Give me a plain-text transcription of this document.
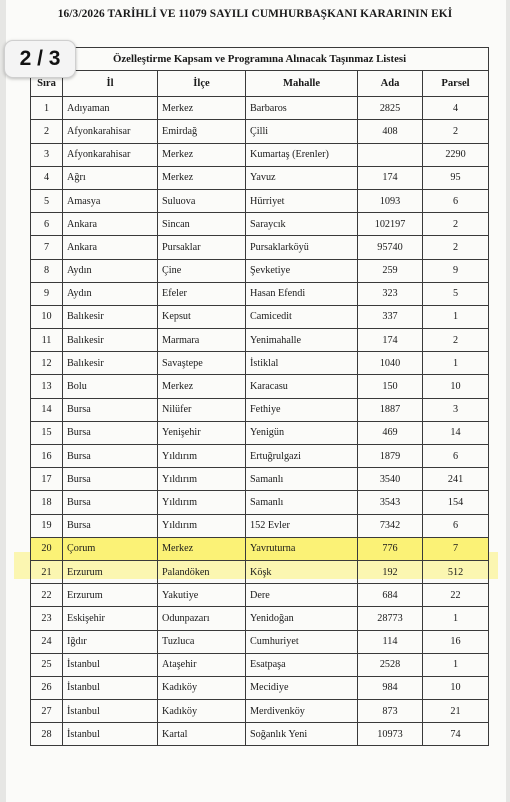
16/3/2026 TARİHLİ VE 11079 SAYILI CUMHURBAŞKANI KARARININ EKİ
2 / 3	Özelleştirme Kapsam ve Programına Alınacak Taşınmaz Listesi					
Sıra	İl	İlçe	Mahalle	Ada	Parsel
1	Adıyaman	Merkez	Barbaros	2825	4
2	Afyonkarahisar	Emirdağ	Çilli	408	2
3	Afyonkarahisar	Merkez	Kumartaş (Erenler)		2290
4	Ağrı	Merkez	Yavuz	174	95
5	Amasya	Suluova	Hürriyet	1093	6
6	Ankara	Sincan	Saraycık	102197	2
7	Ankara	Pursaklar	Pursaklarköyü	95740	2
8	Aydın	Çine	Şevketiye	259	9
9	Aydın	Efeler	Hasan Efendi	323	5
10	Balıkesir	Kepsut	Camicedit	337	1
11	Balıkesir	Marmara	Yenimahalle	174	2
12	Balıkesir	Savaştepe	İstiklal	1040	1
13	Bolu	Merkez	Karacasu	150	10
14	Bursa	Nilüfer	Fethiye	1887	3
15	Bursa	Yenişehir	Yenigün	469	14
16	Bursa	Yıldırım	Ertuğrulgazi	1879	6
17	Bursa	Yıldırım	Samanlı	3540	241
18	Bursa	Yıldırım	Samanlı	3543	154
19	Bursa	Yıldırım	152 Evler	7342	6
20	Çorum	Merkez	Yavruturna	776	7
21	Erzurum	Palandöken	Köşk	192	512
22	Erzurum	Yakutiye	Dere	684	22
23	Eskişehir	Odunpazarı	Yenidoğan	28773	1
24	Iğdır	Tuzluca	Cumhuriyet	114	16
25	İstanbul	Ataşehir	Esatpaşa	2528	1
26	İstanbul	Kadıköy	Mecidiye	984	10
27	İstanbul	Kadıköy	Merdivenköy	873	21
28	İstanbul	Kartal	Soğanlık Yeni	10973	74
